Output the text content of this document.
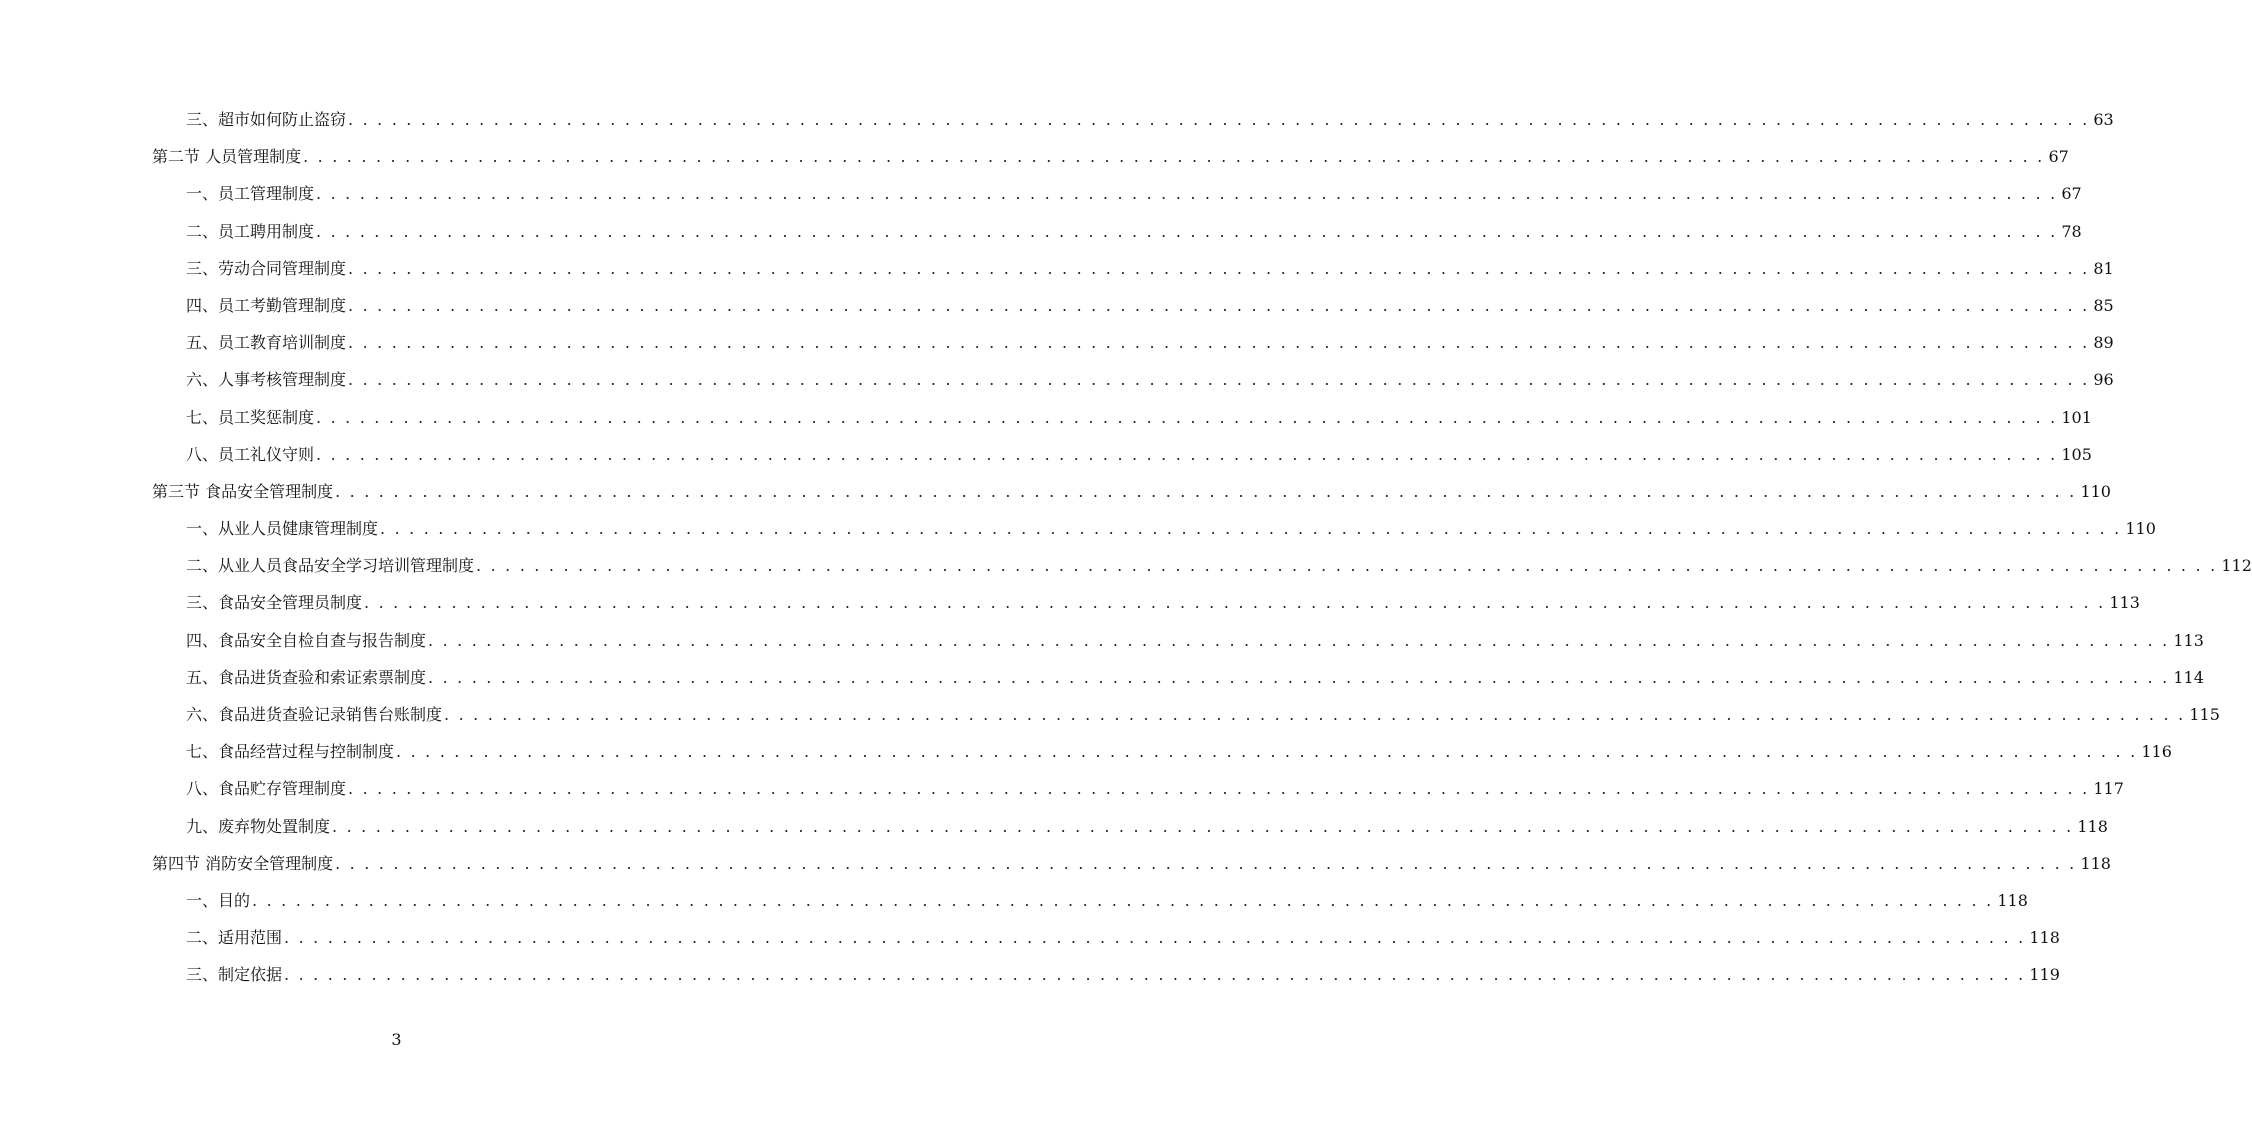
三、超市如何防止盗窃 . . . . . . . . . . . . . . . . . . . . . . . . . . . . . . . . . . . . . . . . . . . . . . . . . . . . . . . . . . . . . . . . . . . . . . . . . . . . . . . . . . . . . . . . . . . . . . . . . . . . . . . . . . . . . . . . . . . . . . . . 63
第二节 人员管理制度 . . . . . . . . . . . . . . . . . . . . . . . . . . . . . . . . . . . . . . . . . . . . . . . . . . . . . . . . . . . . . . . . . . . . . . . . . . . . . . . . . . . . . . . . . . . . . . . . . . . . . . . . . . . . . . . . . . . . . . . . 67
一、员工管理制度 . . . . . . . . . . . . . . . . . . . . . . . . . . . . . . . . . . . . . . . . . . . . . . . . . . . . . . . . . . . . . . . . . . . . . . . . . . . . . . . . . . . . . . . . . . . . . . . . . . . . . . . . . . . . . . . . . . . . . . . . 67
二、员工聘用制度 . . . . . . . . . . . . . . . . . . . . . . . . . . . . . . . . . . . . . . . . . . . . . . . . . . . . . . . . . . . . . . . . . . . . . . . . . . . . . . . . . . . . . . . . . . . . . . . . . . . . . . . . . . . . . . . . . . . . . . . . 78
三、劳动合同管理制度 . . . . . . . . . . . . . . . . . . . . . . . . . . . . . . . . . . . . . . . . . . . . . . . . . . . . . . . . . . . . . . . . . . . . . . . . . . . . . . . . . . . . . . . . . . . . . . . . . . . . . . . . . . . . . . . . . . . . . . . . 81
四、员工考勤管理制度 . . . . . . . . . . . . . . . . . . . . . . . . . . . . . . . . . . . . . . . . . . . . . . . . . . . . . . . . . . . . . . . . . . . . . . . . . . . . . . . . . . . . . . . . . . . . . . . . . . . . . . . . . . . . . . . . . . . . . . . . 85
五、员工教育培训制度 . . . . . . . . . . . . . . . . . . . . . . . . . . . . . . . . . . . . . . . . . . . . . . . . . . . . . . . . . . . . . . . . . . . . . . . . . . . . . . . . . . . . . . . . . . . . . . . . . . . . . . . . . . . . . . . . . . . . . . . . 89
六、人事考核管理制度 . . . . . . . . . . . . . . . . . . . . . . . . . . . . . . . . . . . . . . . . . . . . . . . . . . . . . . . . . . . . . . . . . . . . . . . . . . . . . . . . . . . . . . . . . . . . . . . . . . . . . . . . . . . . . . . . . . . . . . . . 96
七、员工奖惩制度 . . . . . . . . . . . . . . . . . . . . . . . . . . . . . . . . . . . . . . . . . . . . . . . . . . . . . . . . . . . . . . . . . . . . . . . . . . . . . . . . . . . . . . . . . . . . . . . . . . . . . . . . . . . . . . . . . . . . . . . . 101
八、员工礼仪守则 . . . . . . . . . . . . . . . . . . . . . . . . . . . . . . . . . . . . . . . . . . . . . . . . . . . . . . . . . . . . . . . . . . . . . . . . . . . . . . . . . . . . . . . . . . . . . . . . . . . . . . . . . . . . . . . . . . . . . . . . 105
第三节 食品安全管理制度 . . . . . . . . . . . . . . . . . . . . . . . . . . . . . . . . . . . . . . . . . . . . . . . . . . . . . . . . . . . . . . . . . . . . . . . . . . . . . . . . . . . . . . . . . . . . . . . . . . . . . . . . . . . . . . . . . . . . . . . . 110
一、从业人员健康管理制度 . . . . . . . . . . . . . . . . . . . . . . . . . . . . . . . . . . . . . . . . . . . . . . . . . . . . . . . . . . . . . . . . . . . . . . . . . . . . . . . . . . . . . . . . . . . . . . . . . . . . . . . . . . . . . . . . . . . . . . . . 110
二、从业人员食品安全学习培训管理制度 . . . . . . . . . . . . . . . . . . . . . . . . . . . . . . . . . . . . . . . . . . . . . . . . . . . . . . . . . . . . . . . . . . . . . . . . . . . . . . . . . . . . . . . . . . . . . . . . . . . . . . . . . . . . . . . . . . . . . . . . 112
三、食品安全管理员制度 . . . . . . . . . . . . . . . . . . . . . . . . . . . . . . . . . . . . . . . . . . . . . . . . . . . . . . . . . . . . . . . . . . . . . . . . . . . . . . . . . . . . . . . . . . . . . . . . . . . . . . . . . . . . . . . . . . . . . . . . 113
四、食品安全自检自查与报告制度 . . . . . . . . . . . . . . . . . . . . . . . . . . . . . . . . . . . . . . . . . . . . . . . . . . . . . . . . . . . . . . . . . . . . . . . . . . . . . . . . . . . . . . . . . . . . . . . . . . . . . . . . . . . . . . . . . . . . . . . . 113
五、食品进货查验和索证索票制度 . . . . . . . . . . . . . . . . . . . . . . . . . . . . . . . . . . . . . . . . . . . . . . . . . . . . . . . . . . . . . . . . . . . . . . . . . . . . . . . . . . . . . . . . . . . . . . . . . . . . . . . . . . . . . . . . . . . . . . . . 114
六、食品进货查验记录销售台账制度 . . . . . . . . . . . . . . . . . . . . . . . . . . . . . . . . . . . . . . . . . . . . . . . . . . . . . . . . . . . . . . . . . . . . . . . . . . . . . . . . . . . . . . . . . . . . . . . . . . . . . . . . . . . . . . . . . . . . . . . . 115
七、食品经营过程与控制制度 . . . . . . . . . . . . . . . . . . . . . . . . . . . . . . . . . . . . . . . . . . . . . . . . . . . . . . . . . . . . . . . . . . . . . . . . . . . . . . . . . . . . . . . . . . . . . . . . . . . . . . . . . . . . . . . . . . . . . . . . 116
八、食品贮存管理制度 . . . . . . . . . . . . . . . . . . . . . . . . . . . . . . . . . . . . . . . . . . . . . . . . . . . . . . . . . . . . . . . . . . . . . . . . . . . . . . . . . . . . . . . . . . . . . . . . . . . . . . . . . . . . . . . . . . . . . . . . 117
九、废弃物处置制度 . . . . . . . . . . . . . . . . . . . . . . . . . . . . . . . . . . . . . . . . . . . . . . . . . . . . . . . . . . . . . . . . . . . . . . . . . . . . . . . . . . . . . . . . . . . . . . . . . . . . . . . . . . . . . . . . . . . . . . . . 118
第四节 消防安全管理制度 . . . . . . . . . . . . . . . . . . . . . . . . . . . . . . . . . . . . . . . . . . . . . . . . . . . . . . . . . . . . . . . . . . . . . . . . . . . . . . . . . . . . . . . . . . . . . . . . . . . . . . . . . . . . . . . . . . . . . . . . 118
一、目的 . . . . . . . . . . . . . . . . . . . . . . . . . . . . . . . . . . . . . . . . . . . . . . . . . . . . . . . . . . . . . . . . . . . . . . . . . . . . . . . . . . . . . . . . . . . . . . . . . . . . . . . . . . . . . . . . . . . . . . . . 118
二、适用范围 . . . . . . . . . . . . . . . . . . . . . . . . . . . . . . . . . . . . . . . . . . . . . . . . . . . . . . . . . . . . . . . . . . . . . . . . . . . . . . . . . . . . . . . . . . . . . . . . . . . . . . . . . . . . . . . . . . . . . . . . 118
三、制定依据 . . . . . . . . . . . . . . . . . . . . . . . . . . . . . . . . . . . . . . . . . . . . . . . . . . . . . . . . . . . . . . . . . . . . . . . . . . . . . . . . . . . . . . . . . . . . . . . . . . . . . . . . . . . . . . . . . . . . . . . . 119
3
